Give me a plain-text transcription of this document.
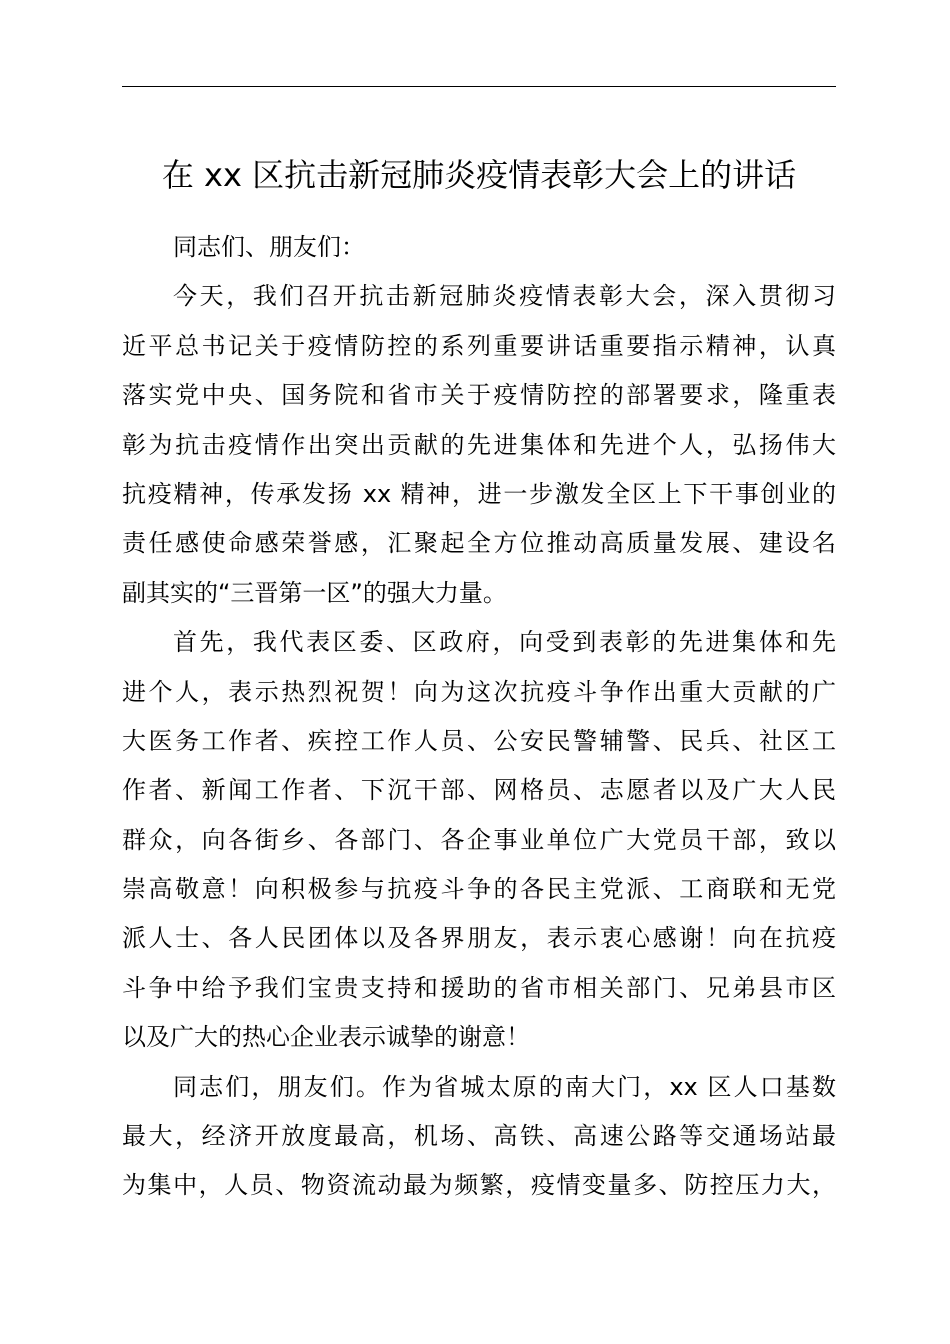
在 xx 区抗击新冠肺炎疫情表彰大会上的讲话
同志们、朋友们：
今天，我们召开抗击新冠肺炎疫情表彰大会，深入贯彻习
近平总书记关于疫情防控的系列重要讲话重要指示精神，认真
落实党中央、国务院和省市关于疫情防控的部署要求，隆重表
彰为抗击疫情作出突出贡献的先进集体和先进个人，弘扬伟大
抗疫精神，传承发扬 xx 精神，进一步激发全区上下干事创业的
责任感使命感荣誉感，汇聚起全方位推动高质量发展、建设名
副其实的“三晋第一区”的强大力量。
首先，我代表区委、区政府，向受到表彰的先进集体和先
进个人，表示热烈祝贺！向为这次抗疫斗争作出重大贡献的广
大医务工作者、疾控工作人员、公安民警辅警、民兵、社区工
作者、新闻工作者、下沉干部、网格员、志愿者以及广大人民
群众，向各街乡、各部门、各企事业单位广大党员干部，致以
崇高敬意！向积极参与抗疫斗争的各民主党派、工商联和无党
派人士、各人民团体以及各界朋友，表示衷心感谢！向在抗疫
斗争中给予我们宝贵支持和援助的省市相关部门、兄弟县市区
以及广大的热心企业表示诚挚的谢意！
同志们，朋友们。作为省城太原的南大门，xx 区人口基数
最大，经济开放度最高，机场、高铁、高速公路等交通场站最
为集中，人员、物资流动最为频繁，疫情变量多、防控压力大，
